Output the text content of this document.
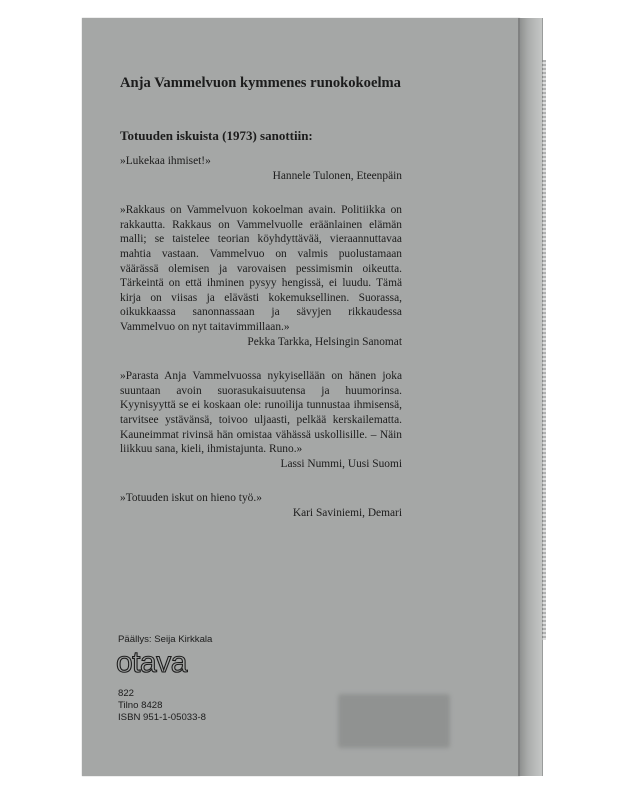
Anja Vammelvuon kymmenes runokokoelma
Totuuden iskuista (1973) sanottiin:

»Lukekaa ihmiset!»

Hannele Tulonen, Eteenpäin

»Rakkaus on Vammelvuon kokoelman avain. Politiikka on rakkautta. Rakkaus on Vammelvuolle eräänlainen elämän malli; se taistelee teorian köyhdyttävää, vieraannuttavaa mahtia vastaan. Vammelvuo on valmis puolustamaan väärässä olemisen ja varovaisen pessimismin oikeutta. Tärkeintä on että ihminen pysyy hengissä, ei luudu. Tämä kirja on viisas ja elävästi kokemuksellinen. Suorassa, oikukkaassa sanonnassaan ja sävyjen rikkaudessa Vammelvuo on nyt taitavimmillaan.»

Pekka Tarkka, Helsingin Sanomat

»Parasta Anja Vammelvuossa nykyisellään on hänen joka suuntaan avoin suorasukaisuutensa ja huumorinsa. Kyynisyyttä se ei koskaan ole: runoilija tunnustaa ihmisensä, tarvitsee ystävänsä, toivoo uljaasti, pelkää kerskailematta. Kauneimmat rivinsä hän omistaa vähässä uskollisille. – Näin liikkuu sana, kieli, ihmistajunta. Runo.»

Lassi Nummi, Uusi Suomi

»Totuuden iskut on hieno työ.»

Kari Saviniemi, Demari

Päällys: Seija Kirkkala
otava
822
Tilno 8428
ISBN 951-1-05033-8
